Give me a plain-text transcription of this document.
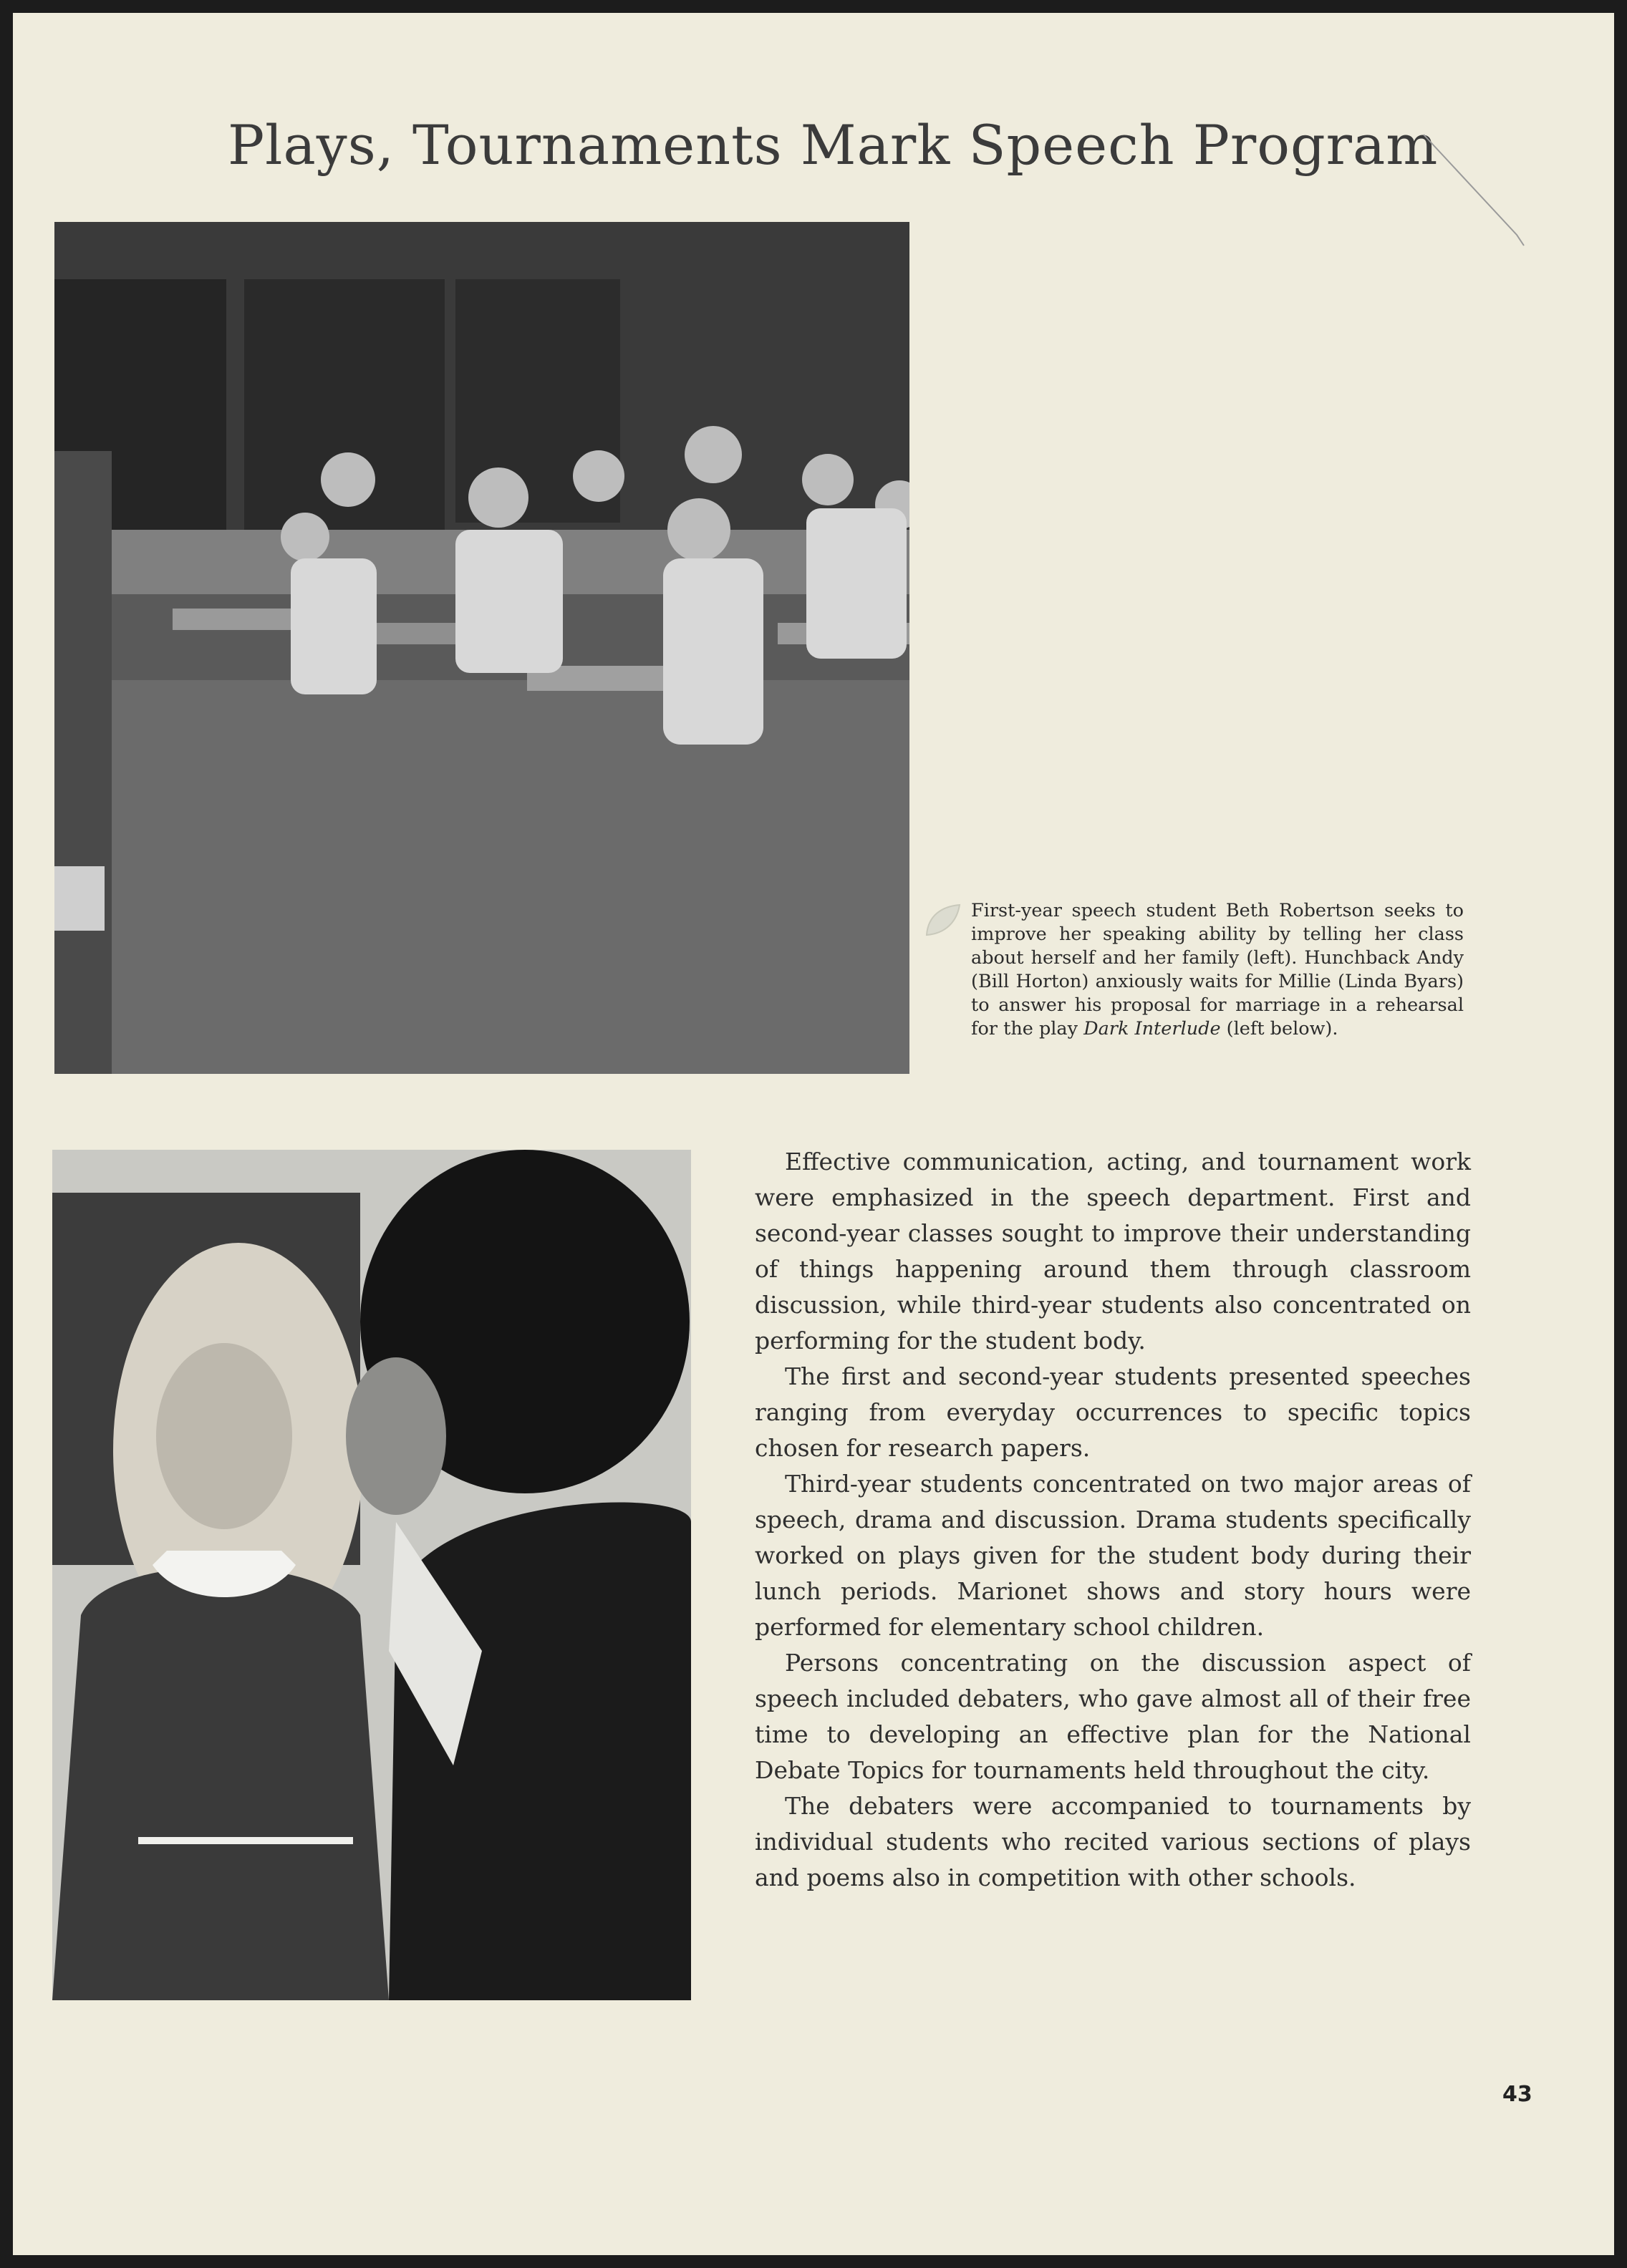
Plays, Tournaments Mark Speech Program
First-year speech student Beth Robertson seeks to improve her speaking ability by telling her class about herself and her family (left). Hunchback Andy (Bill Horton) anxiously waits for Millie (Linda Byars) to answer his proposal for marriage in a rehearsal for the play Dark Interlude (left below).

Effective communication, acting, and tournament work were emphasized in the speech department. First and second-year classes sought to improve their understanding of things happening around them through classroom discussion, while third-year students also concentrated on performing for the student body.

The first and second-year students presented speeches ranging from everyday occurrences to specific topics chosen for research papers.

Third-year students concentrated on two major areas of speech, drama and discussion. Drama students specifically worked on plays given for the student body during their lunch periods. Marionet shows and story hours were performed for elementary school children.

Persons concentrating on the discussion aspect of speech included debaters, who gave almost all of their free time to developing an effective plan for the National Debate Topics for tournaments held throughout the city.

The debaters were accompanied to tournaments by individual students who recited various sections of plays and poems also in competition with other schools.

43
